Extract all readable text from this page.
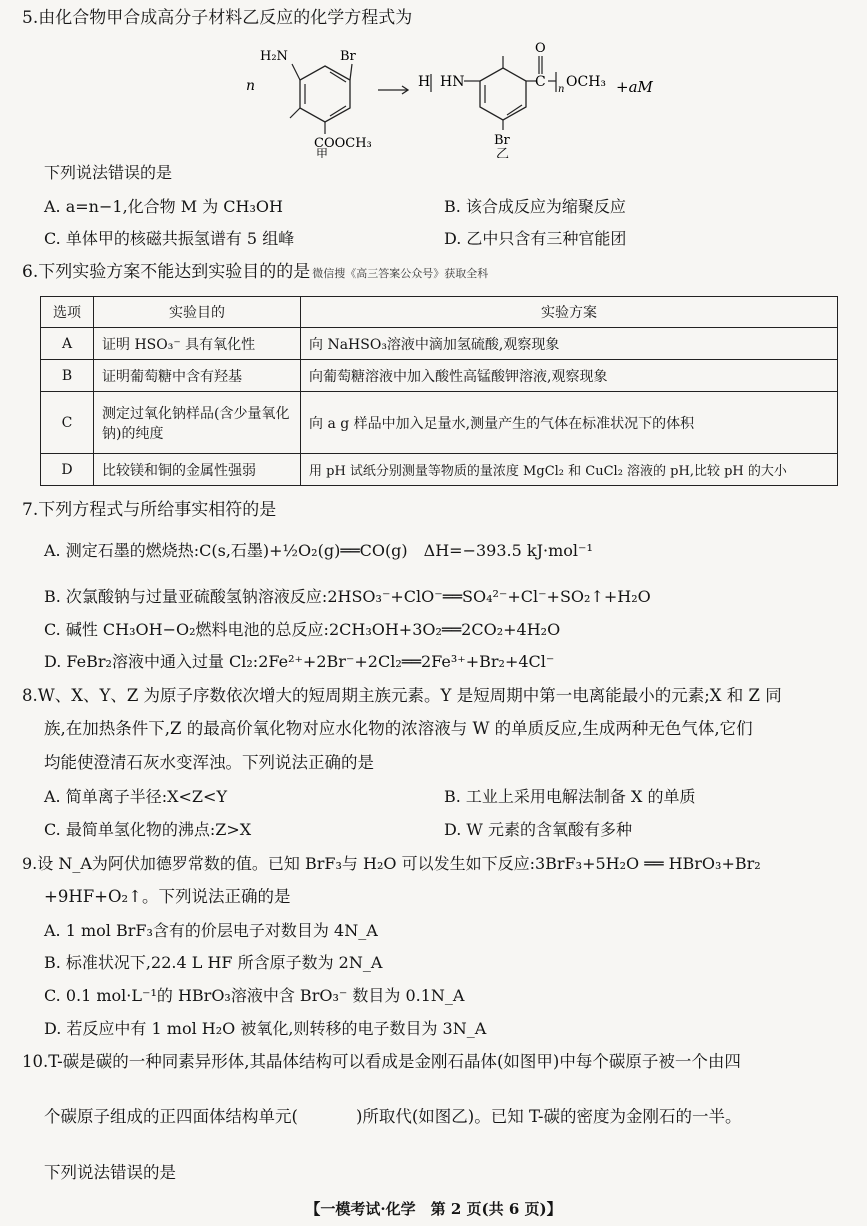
5.由化合物甲合成高分子材料乙反应的化学方程式为
n
H₂N	Br
COOCH₃
甲
H HN
O
C n OCH₃ +aM
Br
乙
下列说法错误的是
A. a=n−1,化合物 M 为 CH₃OH	B. 该合成反应为缩聚反应
C. 单体甲的核磁共振氢谱有 5 组峰	D. 乙中只含有三种官能团
6.下列实验方案不能达到实验目的的是 微信搜《高三答案公众号》获取全科
选项	实验目的	实验方案
A	证明 HSO₃⁻ 具有氧化性	向 NaHSO₃溶液中滴加氢硫酸,观察现象
B	证明葡萄糖中含有羟基	向葡萄糖溶液中加入酸性高锰酸钾溶液,观察现象
C	测定过氧化钠样品(含少量氧化钠)的纯度	向 a g 样品中加入足量水,测量产生的气体在标准状况下的体积
D	比较镁和铜的金属性强弱	用 pH 试纸分别测量等物质的量浓度 MgCl₂ 和 CuCl₂ 溶液的 pH,比较 pH 的大小
7.下列方程式与所给事实相符的是
A. 测定石墨的燃烧热:C(s,石墨)+½O₂(g)══CO(g)　ΔH=−393.5 kJ·mol⁻¹
B. 次氯酸钠与过量亚硫酸氢钠溶液反应:2HSO₃⁻+ClO⁻══SO₄²⁻+Cl⁻+SO₂↑+H₂O
C. 碱性 CH₃OH−O₂燃料电池的总反应:2CH₃OH+3O₂══2CO₂+4H₂O
D. FeBr₂溶液中通入过量 Cl₂:2Fe²⁺+2Br⁻+2Cl₂══2Fe³⁺+Br₂+4Cl⁻
8.W、X、Y、Z 为原子序数依次增大的短周期主族元素。Y 是短周期中第一电离能最小的元素;X 和 Z 同
族,在加热条件下,Z 的最高价氧化物对应水化物的浓溶液与 W 的单质反应,生成两种无色气体,它们
均能使澄清石灰水变浑浊。下列说法正确的是
A. 简单离子半径:X<Z<Y	B. 工业上采用电解法制备 X 的单质
C. 最简单氢化物的沸点:Z>X	D. W 元素的含氧酸有多种
9.设 N_A为阿伏加德罗常数的值。已知 BrF₃与 H₂O 可以发生如下反应:3BrF₃+5H₂O ══ HBrO₃+Br₂
+9HF+O₂↑。下列说法正确的是
A. 1 mol BrF₃含有的价层电子对数目为 4N_A
B. 标准状况下,22.4 L HF 所含原子数为 2N_A
C. 0.1 mol·L⁻¹的 HBrO₃溶液中含 BrO₃⁻ 数目为 0.1N_A
D. 若反应中有 1 mol H₂O 被氧化,则转移的电子数目为 3N_A
10.T-碳是碳的一种同素异形体,其晶体结构可以看成是金刚石晶体(如图甲)中每个碳原子被一个由四
个碳原子组成的正四面体结构单元(	)所取代(如图乙)。已知 T-碳的密度为金刚石的一半。
下列说法错误的是
【一模考试·化学　第 2 页(共 6 页)】
